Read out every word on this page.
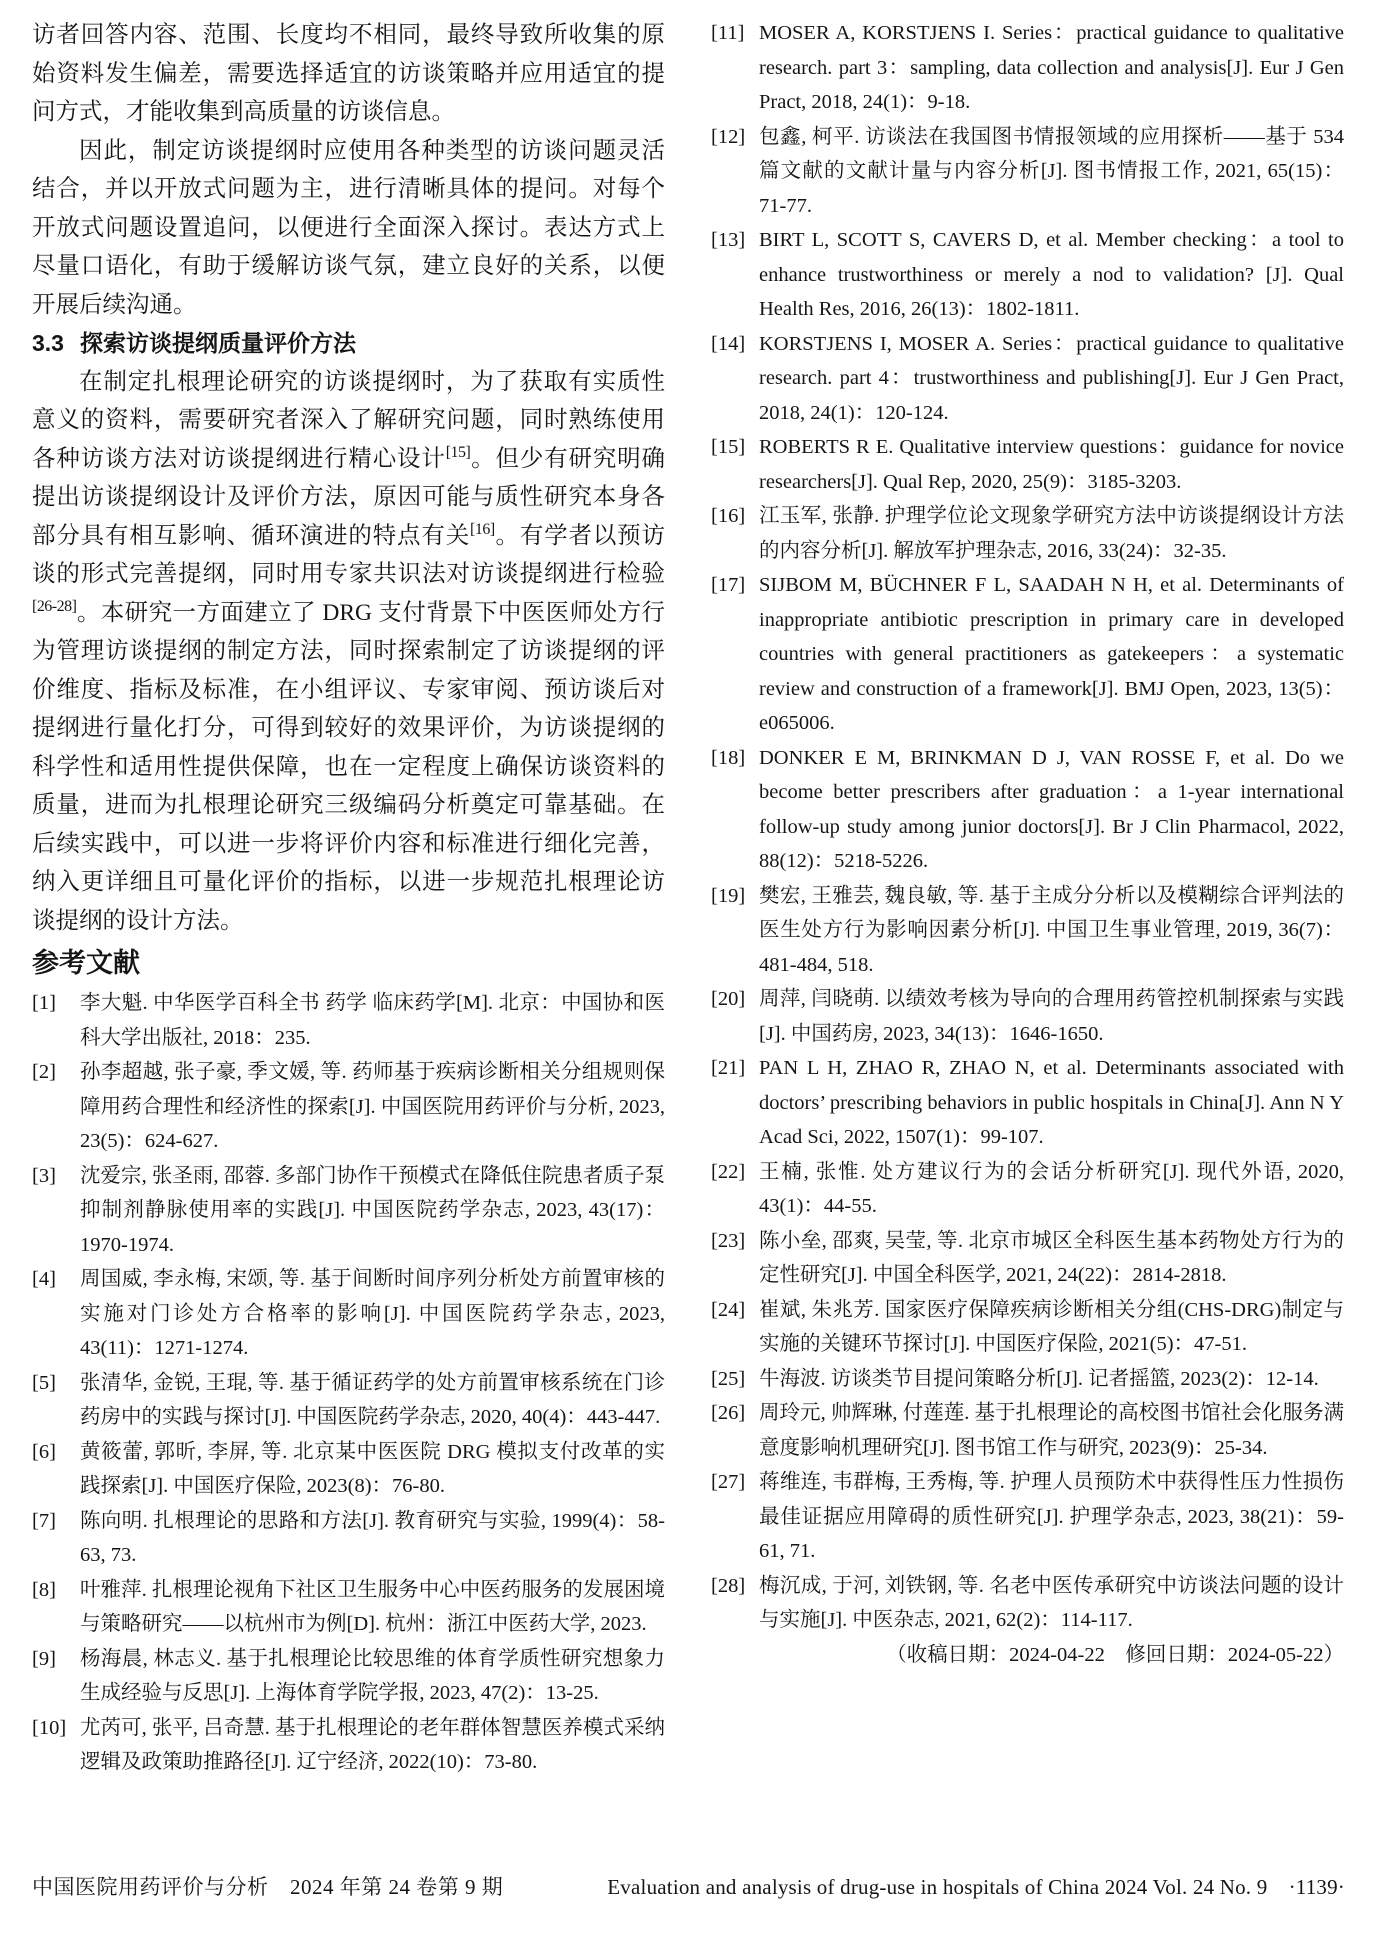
访者回答内容、范围、长度均不相同，最终导致所收集的原始资料发生偏差，需要选择适宜的访谈策略并应用适宜的提问方式，才能收集到高质量的访谈信息。

因此，制定访谈提纲时应使用各种类型的访谈问题灵活结合，并以开放式问题为主，进行清晰具体的提问。对每个开放式问题设置追问，以便进行全面深入探讨。表达方式上尽量口语化，有助于缓解访谈气氛，建立良好的关系，以便开展后续沟通。

3.3 探索访谈提纲质量评价方法

在制定扎根理论研究的访谈提纲时，为了获取有实质性意义的资料，需要研究者深入了解研究问题，同时熟练使用各种访谈方法对访谈提纲进行精心设计[15]。但少有研究明确提出访谈提纲设计及评价方法，原因可能与质性研究本身各部分具有相互影响、循环演进的特点有关[16]。有学者以预访谈的形式完善提纲，同时用专家共识法对访谈提纲进行检验[26-28]。本研究一方面建立了 DRG 支付背景下中医医师处方行为管理访谈提纲的制定方法，同时探索制定了访谈提纲的评价维度、指标及标准，在小组评议、专家审阅、预访谈后对提纲进行量化打分，可得到较好的效果评价，为访谈提纲的科学性和适用性提供保障，也在一定程度上确保访谈资料的质量，进而为扎根理论研究三级编码分析奠定可靠基础。在后续实践中，可以进一步将评价内容和标准进行细化完善，纳入更详细且可量化评价的指标，以进一步规范扎根理论访谈提纲的设计方法。

参考文献
[1]	李大魁. 中华医学百科全书 药学 临床药学[M]. 北京：中国协和医科大学出版社, 2018：235.
[2]	孙李超越, 张子豪, 季文媛, 等. 药师基于疾病诊断相关分组规则保障用药合理性和经济性的探索[J]. 中国医院用药评价与分析, 2023, 23(5)：624-627.
[3]	沈爱宗, 张圣雨, 邵蓉. 多部门协作干预模式在降低住院患者质子泵抑制剂静脉使用率的实践[J]. 中国医院药学杂志, 2023, 43(17)：1970-1974.
[4]	周国威, 李永梅, 宋颂, 等. 基于间断时间序列分析处方前置审核的实施对门诊处方合格率的影响[J]. 中国医院药学杂志, 2023, 43(11)：1271-1274.
[5]	张清华, 金锐, 王琨, 等. 基于循证药学的处方前置审核系统在门诊药房中的实践与探讨[J]. 中国医院药学杂志, 2020, 40(4)：443-447.
[6]	黄筱蕾, 郭昕, 李屏, 等. 北京某中医医院 DRG 模拟支付改革的实践探索[J]. 中国医疗保险, 2023(8)：76-80.
[7]	陈向明. 扎根理论的思路和方法[J]. 教育研究与实验, 1999(4)：58-63, 73.
[8]	叶雅萍. 扎根理论视角下社区卫生服务中心中医药服务的发展困境与策略研究——以杭州市为例[D]. 杭州：浙江中医药大学, 2023.
[9]	杨海晨, 林志义. 基于扎根理论比较思维的体育学质性研究想象力生成经验与反思[J]. 上海体育学院学报, 2023, 47(2)：13-25.
[10] 尤芮可, 张平, 吕奇慧. 基于扎根理论的老年群体智慧医养模式采纳逻辑及政策助推路径[J]. 辽宁经济, 2022(10)：73-80.
[11] MOSER A, KORSTJENS I. Series：practical guidance to qualitative research. part 3：sampling, data collection and analysis[J]. Eur J Gen Pract, 2018, 24(1)：9-18.
[12] 包鑫, 柯平. 访谈法在我国图书情报领域的应用探析——基于 534 篇文献的文献计量与内容分析[J]. 图书情报工作, 2021, 65(15)：71-77.
[13] BIRT L, SCOTT S, CAVERS D, et al. Member checking：a tool to enhance trustworthiness or merely a nod to validation? [J]. Qual Health Res, 2016, 26(13)：1802-1811.
[14] KORSTJENS I, MOSER A. Series：practical guidance to qualitative research. part 4：trustworthiness and publishing[J]. Eur J Gen Pract, 2018, 24(1)：120-124.
[15] ROBERTS R E. Qualitative interview questions：guidance for novice researchers[J]. Qual Rep, 2020, 25(9)：3185-3203.
[16] 江玉军, 张静. 护理学位论文现象学研究方法中访谈提纲设计方法的内容分析[J]. 解放军护理杂志, 2016, 33(24)：32-35.
[17] SIJBOM M, BÜCHNER F L, SAADAH N H, et al. Determinants of inappropriate antibiotic prescription in primary care in developed countries with general practitioners as gatekeepers：a systematic review and construction of a framework[J]. BMJ Open, 2023, 13(5)：e065006.
[18] DONKER E M, BRINKMAN D J, VAN ROSSE F, et al. Do we become better prescribers after graduation：a 1-year international follow-up study among junior doctors[J]. Br J Clin Pharmacol, 2022, 88(12)：5218-5226.
[19] 樊宏, 王雅芸, 魏良敏, 等. 基于主成分分析以及模糊综合评判法的医生处方行为影响因素分析[J]. 中国卫生事业管理, 2019, 36(7)：481-484, 518.
[20] 周萍, 闫晓萌. 以绩效考核为导向的合理用药管控机制探索与实践[J]. 中国药房, 2023, 34(13)：1646-1650.
[21] PAN L H, ZHAO R, ZHAO N, et al. Determinants associated with doctors’ prescribing behaviors in public hospitals in China[J]. Ann N Y Acad Sci, 2022, 1507(1)：99-107.
[22] 王楠, 张惟. 处方建议行为的会话分析研究[J]. 现代外语, 2020, 43(1)：44-55.
[23] 陈小垒, 邵爽, 吴莹, 等. 北京市城区全科医生基本药物处方行为的定性研究[J]. 中国全科医学, 2021, 24(22)：2814-2818.
[24] 崔斌, 朱兆芳. 国家医疗保障疾病诊断相关分组(CHS-DRG)制定与实施的关键环节探讨[J]. 中国医疗保险, 2021(5)：47-51.
[25] 牛海波. 访谈类节目提问策略分析[J]. 记者摇篮, 2023(2)：12-14.
[26] 周玲元, 帅辉琳, 付莲莲. 基于扎根理论的高校图书馆社会化服务满意度影响机理研究[J]. 图书馆工作与研究, 2023(9)：25-34.
[27] 蒋维连, 韦群梅, 王秀梅, 等. 护理人员预防术中获得性压力性损伤最佳证据应用障碍的质性研究[J]. 护理学杂志, 2023, 38(21)：59-61, 71.
[28] 梅沉成, 于河, 刘铁钢, 等. 名老中医传承研究中访谈法问题的设计与实施[J]. 中医杂志, 2021, 62(2)：114-117.

（收稿日期：2024-04-22　修回日期：2024-05-22）

中国医院用药评价与分析　2024 年第 24 卷第 9 期	Evaluation and analysis of drug-use in hospitals of China 2024 Vol. 24 No. 9　·1139·
